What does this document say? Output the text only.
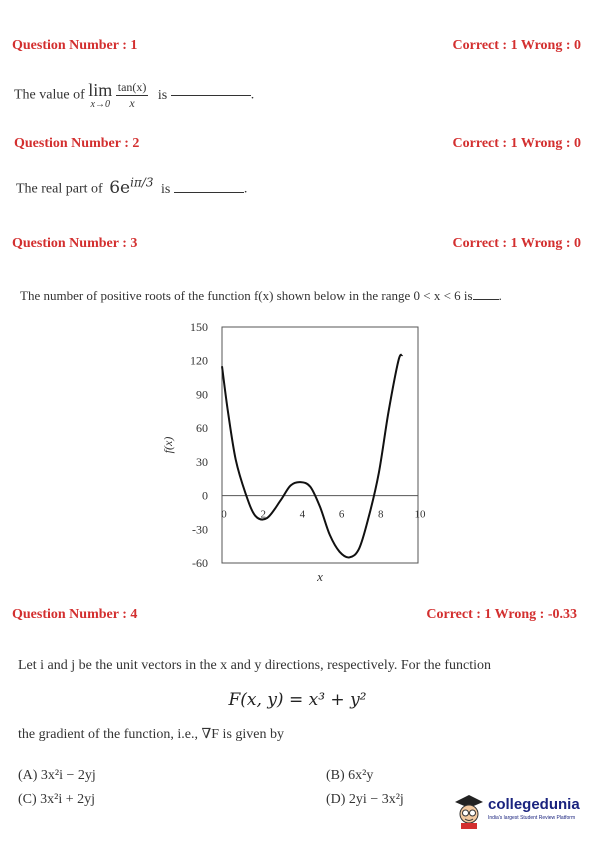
Question Number : 1	Correct : 1 Wrong : 0
The value of lim
x→0
$\frac{\tan(x)}{x}$ is	.
Question Number : 2	Correct : 1 Wrong : 0
The real part of $6e^{i\pi/3}$ is	.
Question Number : 3	Correct : 1 Wrong : 0
The number of positive roots of the function f(x) shown below in the range 0 < x < 6 is .
150
120
90
60
30
0
-30
-60
0	2	4	6	8	10
f(x)
x
Question Number : 4	Correct : 1 Wrong : -0.33
Let i and j be the unit vectors in the x and y directions, respectively. For the function
F(x, y) = x³ + y²
the gradient of the function, i.e., ∇F is given by
(A) 3x²i − 2yj	(B) 6x²y
(C) 3x²i + 2yj	(D) 2yi − 3x²j	collegedunia
India's largest Student Review Platform
